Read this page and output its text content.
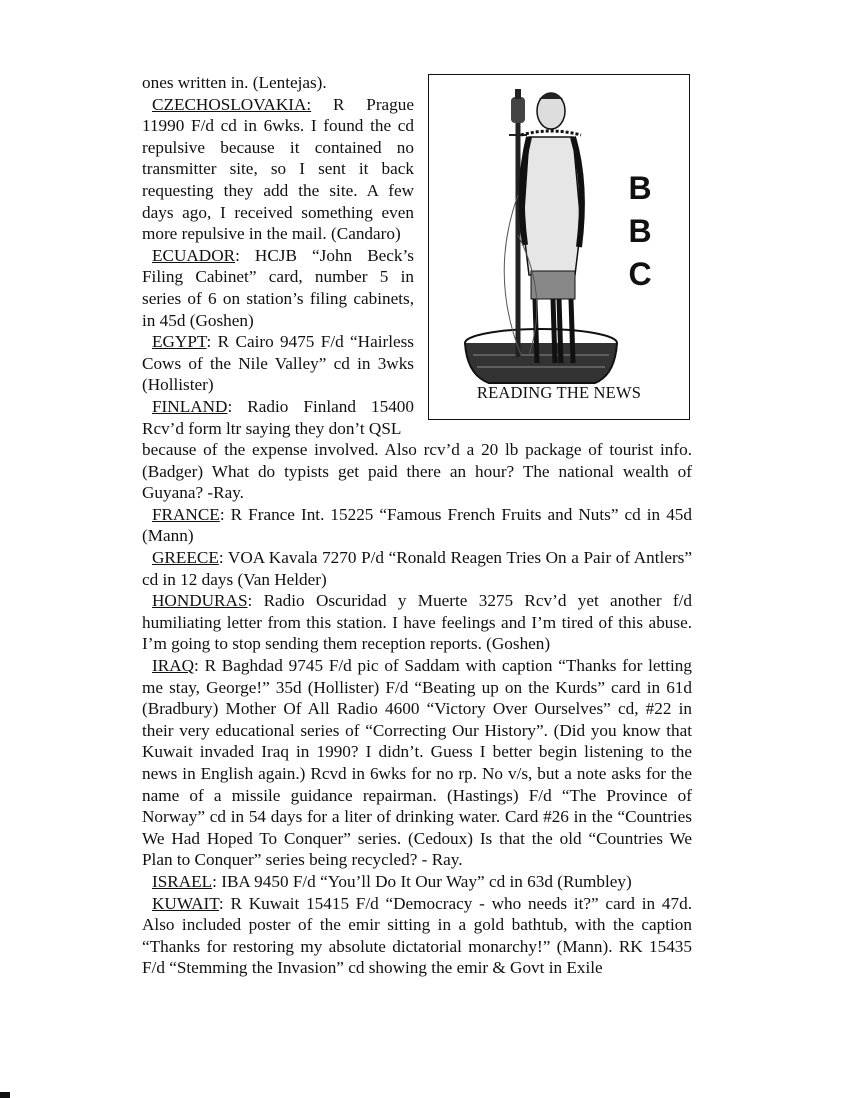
B
B
C
READING THE NEWS

ones written in. (Lentejas).

CZECHOSLOVAKIA: R Prague 11990 F/d cd in 6wks. I found the cd repulsive because it contained no transmitter site, so I sent it back requesting they add the site. A few days ago, I received something even more repulsive in the mail. (Candaro)

ECUADOR: HCJB “John Beck’s Filing Cabinet” card, number 5 in series of 6 on station’s filing cabinets, in 45d (Goshen)

EGYPT: R Cairo 9475 F/d “Hairless Cows of the Nile Valley” cd in 3wks (Hollister)

FINLAND: Radio Finland 15400 Rcv’d form ltr saying they don’t QSL

because of the expense involved. Also rcv’d a 20 lb package of tourist info. (Badger) What do typists get paid there an hour? The national wealth of Guyana? -Ray.

FRANCE: R France Int. 15225 “Famous French Fruits and Nuts” cd in 45d (Mann)

GREECE: VOA Kavala 7270 P/d “Ronald Reagen Tries On a Pair of Antlers” cd in 12 days (Van Helder)

HONDURAS: Radio Oscuridad y Muerte 3275 Rcv’d yet another f/d humiliating letter from this station. I have feelings and I’m tired of this abuse. I’m going to stop sending them reception reports. (Goshen)

IRAQ: R Baghdad 9745 F/d pic of Saddam with caption “Thanks for letting me stay, George!” 35d (Hollister) F/d “Beating up on the Kurds” card in 61d (Bradbury) Mother Of All Radio 4600 “Victory Over Ourselves” cd, #22 in their very educational series of “Correcting Our History”. (Did you know that Kuwait invaded Iraq in 1990? I didn’t. Guess I better begin listening to the news in English again.) Rcvd in 6wks for no rp. No v/s, but a note asks for the name of a missile guidance repairman. (Hastings) F/d “The Province of Norway” cd in 54 days for a liter of drinking water. Card #26 in the “Countries We Had Hoped To Conquer” series. (Cedoux) Is that the old “Countries We Plan to Conquer” series being recycled? - Ray.

ISRAEL: IBA 9450 F/d “You’ll Do It Our Way” cd in 63d (Rumbley)

KUWAIT: R Kuwait 15415 F/d “Democracy - who needs it?” card in 47d. Also included poster of the emir sitting in a gold bathtub, with the caption “Thanks for restoring my absolute dictatorial monarchy!” (Mann). RK 15435 F/d “Stemming the Invasion” cd showing the emir & Govt in Exile
